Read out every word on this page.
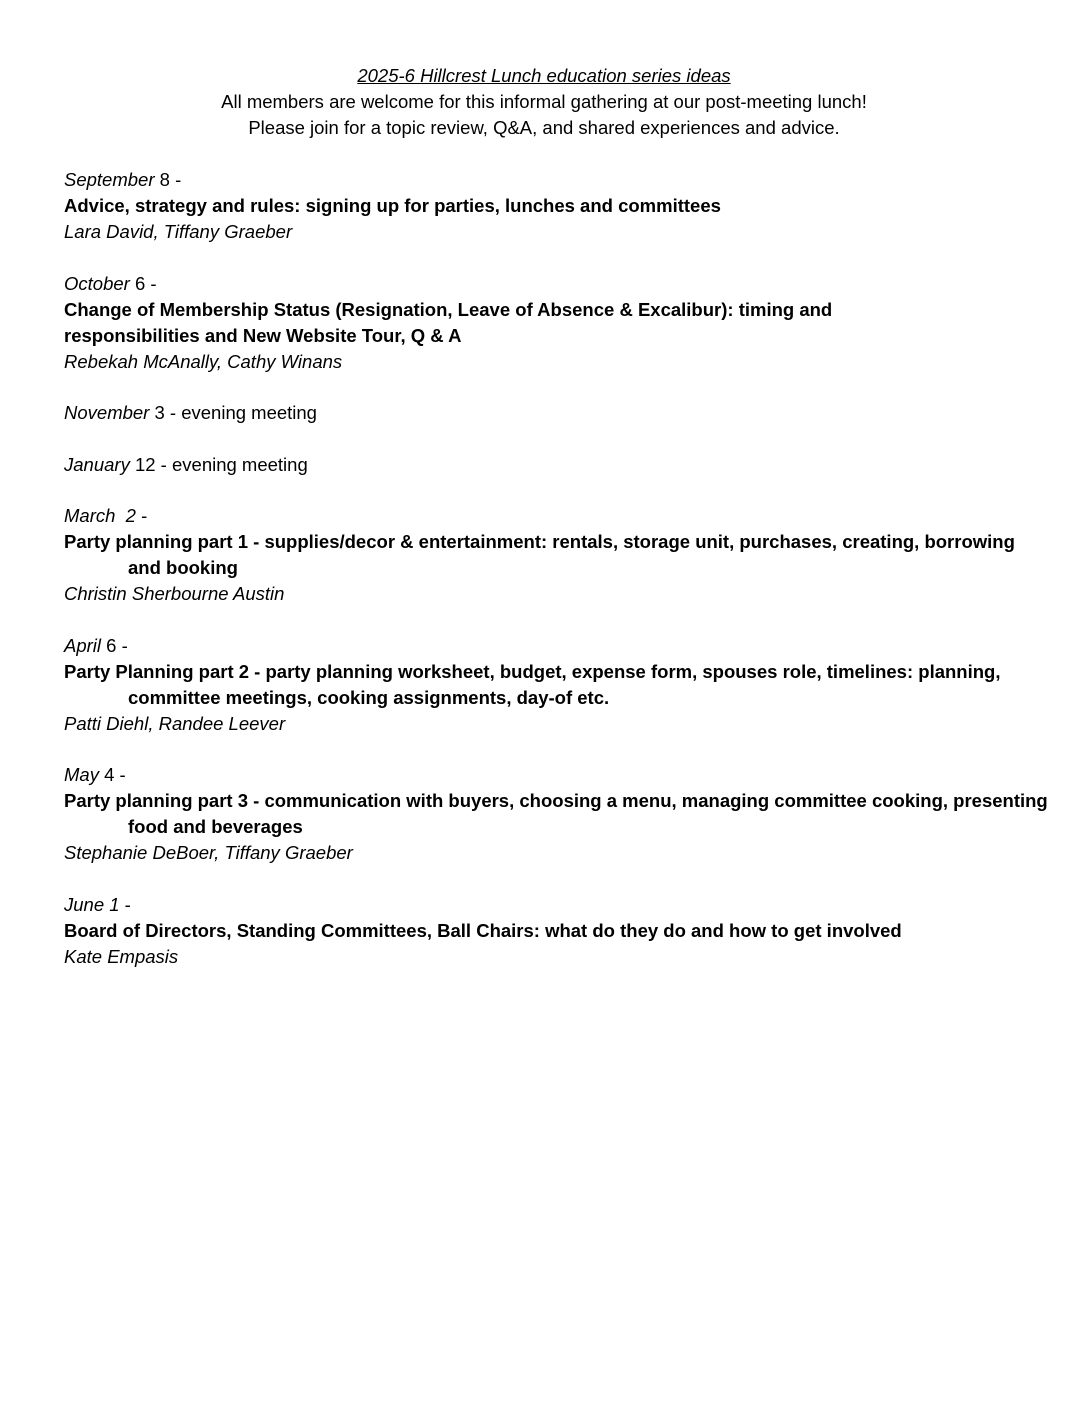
2025-6 Hillcrest Lunch education series ideas
All members are welcome for this informal gathering at our post-meeting lunch!
Please join for a topic review, Q&A, and shared experiences and advice.
September 8 -
Advice, strategy and rules: signing up for parties, lunches and committees
Lara David, Tiffany Graeber
October 6 -
Change of Membership Status (Resignation, Leave of Absence & Excalibur): timing and responsibilities and New Website Tour, Q & A
Rebekah McAnally, Cathy Winans
November 3 - evening meeting
January 12 - evening meeting
March  2 -
Party planning part 1 - supplies/decor & entertainment: rentals, storage unit, purchases, creating, borrowing and booking
Christin Sherbourne Austin
April 6 -
Party Planning part 2 - party planning worksheet, budget, expense form, spouses role, timelines: planning, committee meetings, cooking assignments, day-of etc.
Patti Diehl, Randee Leever
May 4 -
Party planning part 3 - communication with buyers, choosing a menu, managing committee cooking, presenting food and beverages
Stephanie DeBoer, Tiffany Graeber
June 1 -
Board of Directors, Standing Committees, Ball Chairs: what do they do and how to get involved
Kate Empasis
